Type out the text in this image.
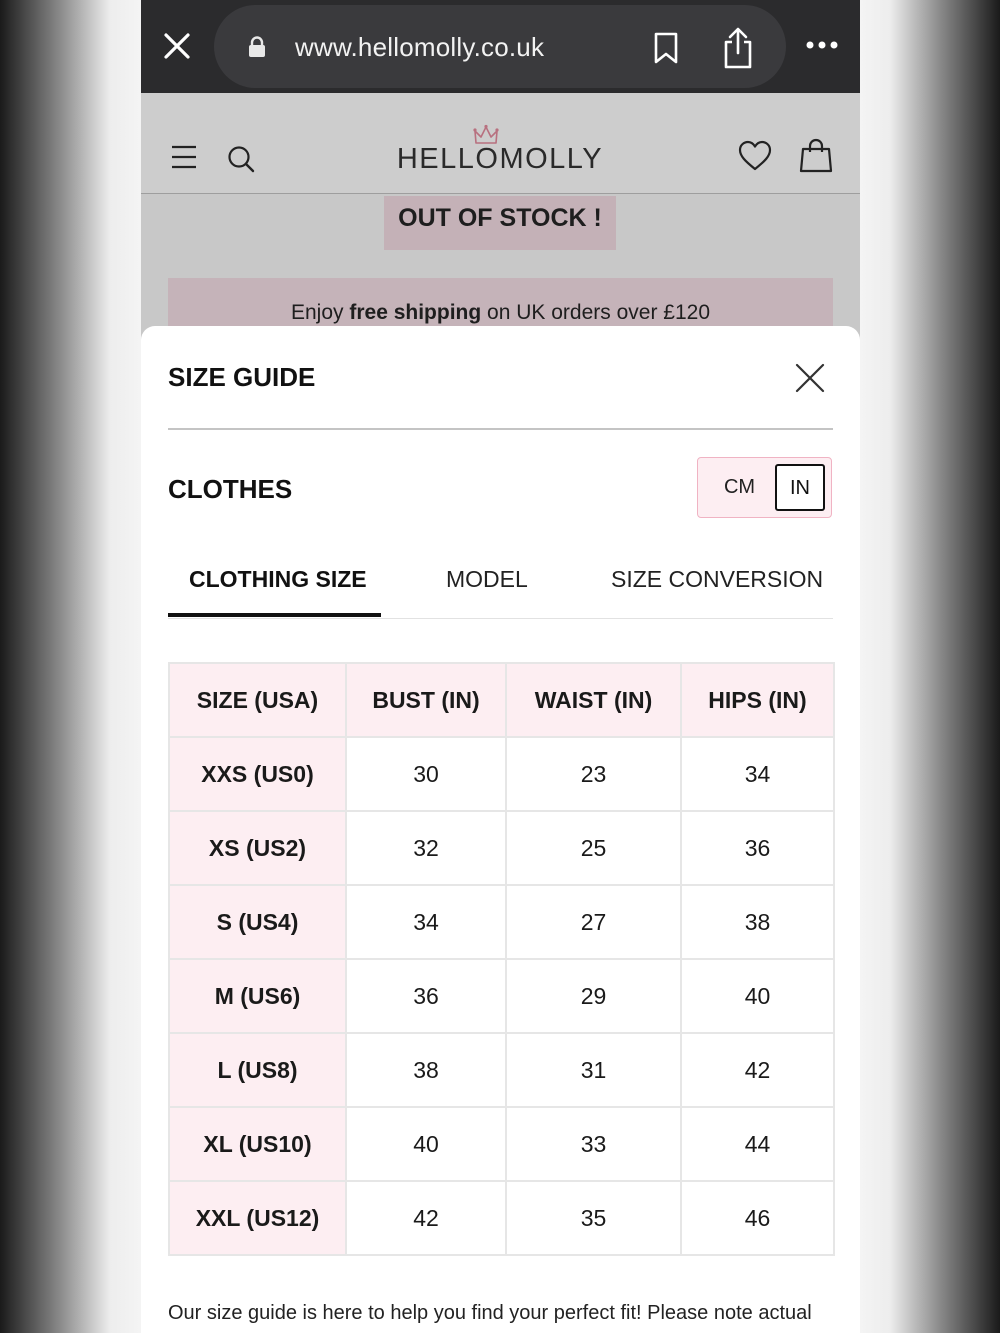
www.hellomolly.co.uk
HELLOMOLLY
OUT OF STOCK !
Enjoy free shipping on UK orders over £120
SIZE GUIDE
CLOTHES	CM	IN
CLOTHING SIZE	MODEL	SIZE CONVERSION
SIZE (USA)	BUST (IN)	WAIST (IN)	HIPS (IN)
XXS (US0)	30	23	34
XS (US2)	32	25	36
S (US4)	34	27	38
M (US6)	36	29	40
L (US8)	38	31	42
XL (US10)	40	33	44
XXL (US12)	42	35	46
Our size guide is here to help you find your perfect fit! Please note actual
